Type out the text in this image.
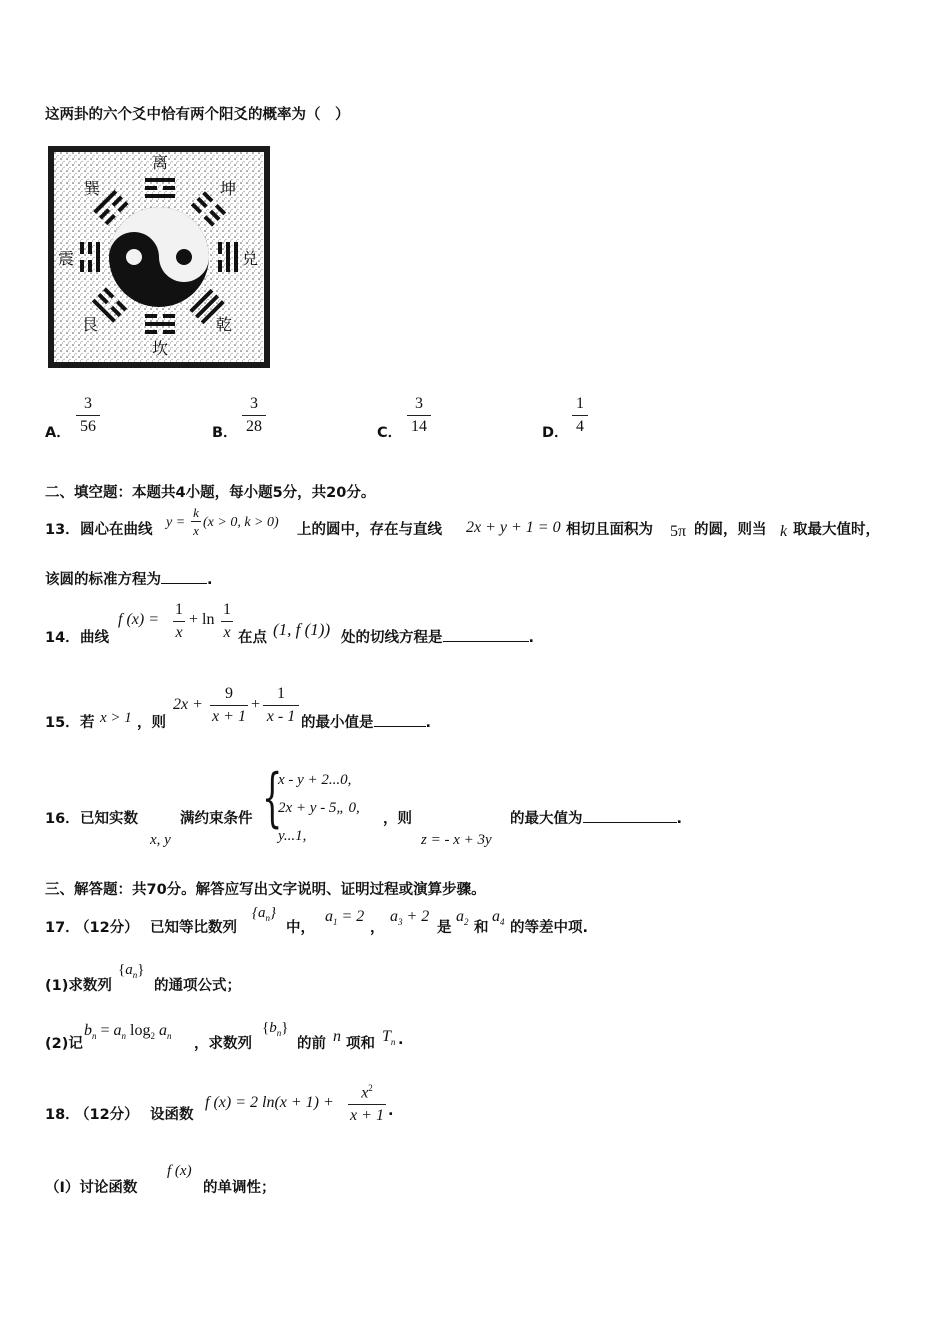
这两卦的六个爻中恰有两个阳爻的概率为（　）
离
巽	坤
震	兑
艮	乾
坎
A．
3
56	B．
3
28	C．
3
14	D．
1
4
二、填空题：本题共4小题，每小题5分，共20分。
13． 圆心在曲线 y =
k
x
(x > 0, k > 0) 上的圆中，存在与直线 2x + y + 1 = 0 相切且面积为 5π 的圆，则当 k 取最大值时，
该圆的标准方程为	.
14． 曲线
f (x) =
1
x
+ ln
1
x 在点 (1, f (1)) 处的切线方程是	.
15． 若 x > 1 ，则
2x +
9
x + 1
+
1
x - 1 的最小值是	.
16． 已知实数
x, y
满约束条件 {
x - y + 2...0,
2x + y - 5„ 0,
y...1,
，则
z = - x + 3y
的最大值为	.
三、解答题：共70分。解答应写出文字说明、证明过程或演算步骤。
17．
（12分） 已知等比数列
$\{a_n\}$
中，
$a_1 = 2$
，
$a_3 + 2$
是
$a_2$ 和
$a_4$ 的等差中项.
(1)求数列
$\{a_n\}$
的通项公式；
(2)记
$b_n = a_n$ $\log_2 a_n$ ，求数列
$\{b_n\}$
的前 n 项和 $T_n$ .
18．
（12分） 设函数
f (x) = 2 ln(x + 1) +
$x^2$
x + 1 .
（Ⅰ）讨论函数
f (x)
的单调性；
